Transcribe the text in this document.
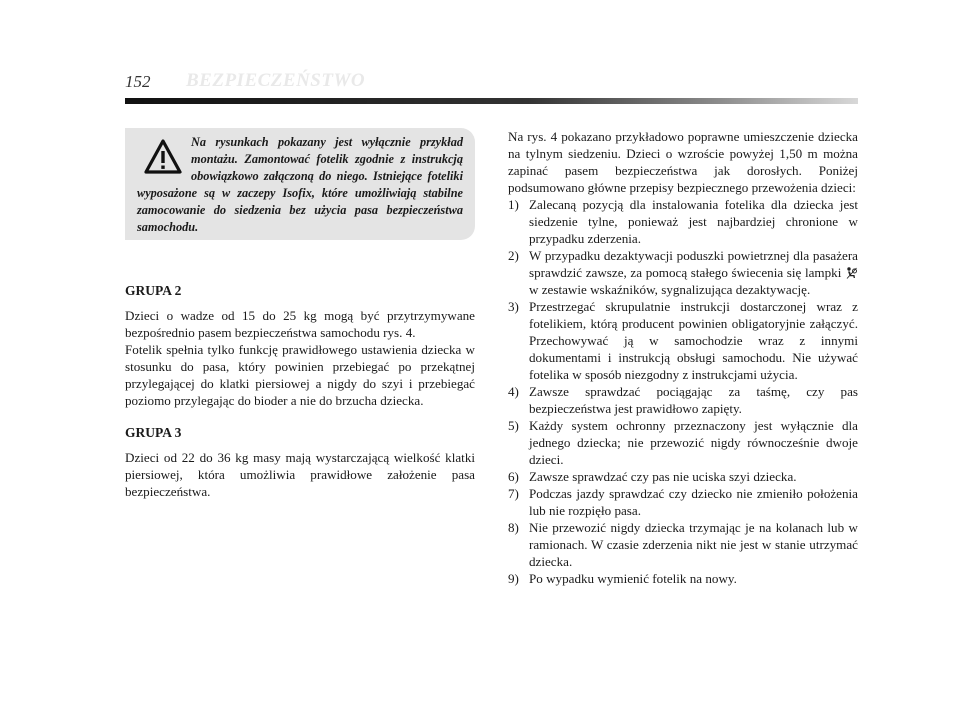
152 BEZPIECZEŃSTWO
Na rysunkach pokazany jest wyłącznie przykład montażu. Zamontować fotelik zgodnie z instrukcją obowiązkowo załączoną do niego. Istniejące foteliki wyposażone są w zaczepy Isofix, które umożliwiają stabilne zamocowanie do siedzenia bez użycia pasa bezpieczeństwa samochodu.
GRUPA 2

Dzieci o wadze od 15 do 25 kg mogą być przytrzymywane bezpośrednio pasem bezpieczeństwa samochodu rys. 4.
Fotelik spełnia tylko funkcję prawidłowego ustawienia dziecka w stosunku do pasa, który powinien przebiegać po przekątnej przylegającej do klatki piersiowej a nigdy do szyi i przebiegać poziomo przylegając do bioder a nie do brzucha dziecka.

GRUPA 3

Dzieci od 22 do 36 kg masy mają wystarczającą wielkość klatki piersiowej, która umożliwia prawidłowe założenie pasa bezpieczeństwa.

Na rys. 4 pokazano przykładowo poprawne umieszczenie dziecka na tylnym siedzeniu. Dzieci o wzroście powyżej 1,50 m można zapinać pasem bezpieczeństwa jak dorosłych. Poniżej podsumowano główne przepisy bezpiecznego przewożenia dzieci:

1) Zalecaną pozycją dla instalowania fotelika dla dziecka jest siedzenie tylne, ponieważ jest najbardziej chronione w przypadku zderzenia.
2) W przypadku dezaktywacji poduszki powietrznej dla pasażera sprawdzić zawsze, za pomocą stałego świecenia się lampki  w zestawie wskaźników, sygnalizująca dezaktywację.
3) Przestrzegać skrupulatnie instrukcji dostarczonej wraz z fotelikiem, którą producent powinien obligatoryjnie załączyć. Przechowywać ją w samochodzie wraz z innymi dokumentami i instrukcją obsługi samochodu. Nie używać fotelika w sposób niezgodny z instrukcjami użycia.
4) Zawsze sprawdzać pociągając za taśmę, czy pas bezpieczeństwa jest prawidłowo zapięty.
5) Każdy system ochronny przeznaczony jest wyłącznie dla jednego dziecka; nie przewozić nigdy równocześnie dwoje dzieci.
6) Zawsze sprawdzać czy pas nie uciska szyi dziecka.
7) Podczas jazdy sprawdzać czy dziecko nie zmieniło położenia lub nie rozpięło pasa.
8) Nie przewozić nigdy dziecka trzymając je na kolanach lub w ramionach. W czasie zderzenia nikt nie jest w stanie utrzymać dziecka.
9) Po wypadku wymienić fotelik na nowy.
